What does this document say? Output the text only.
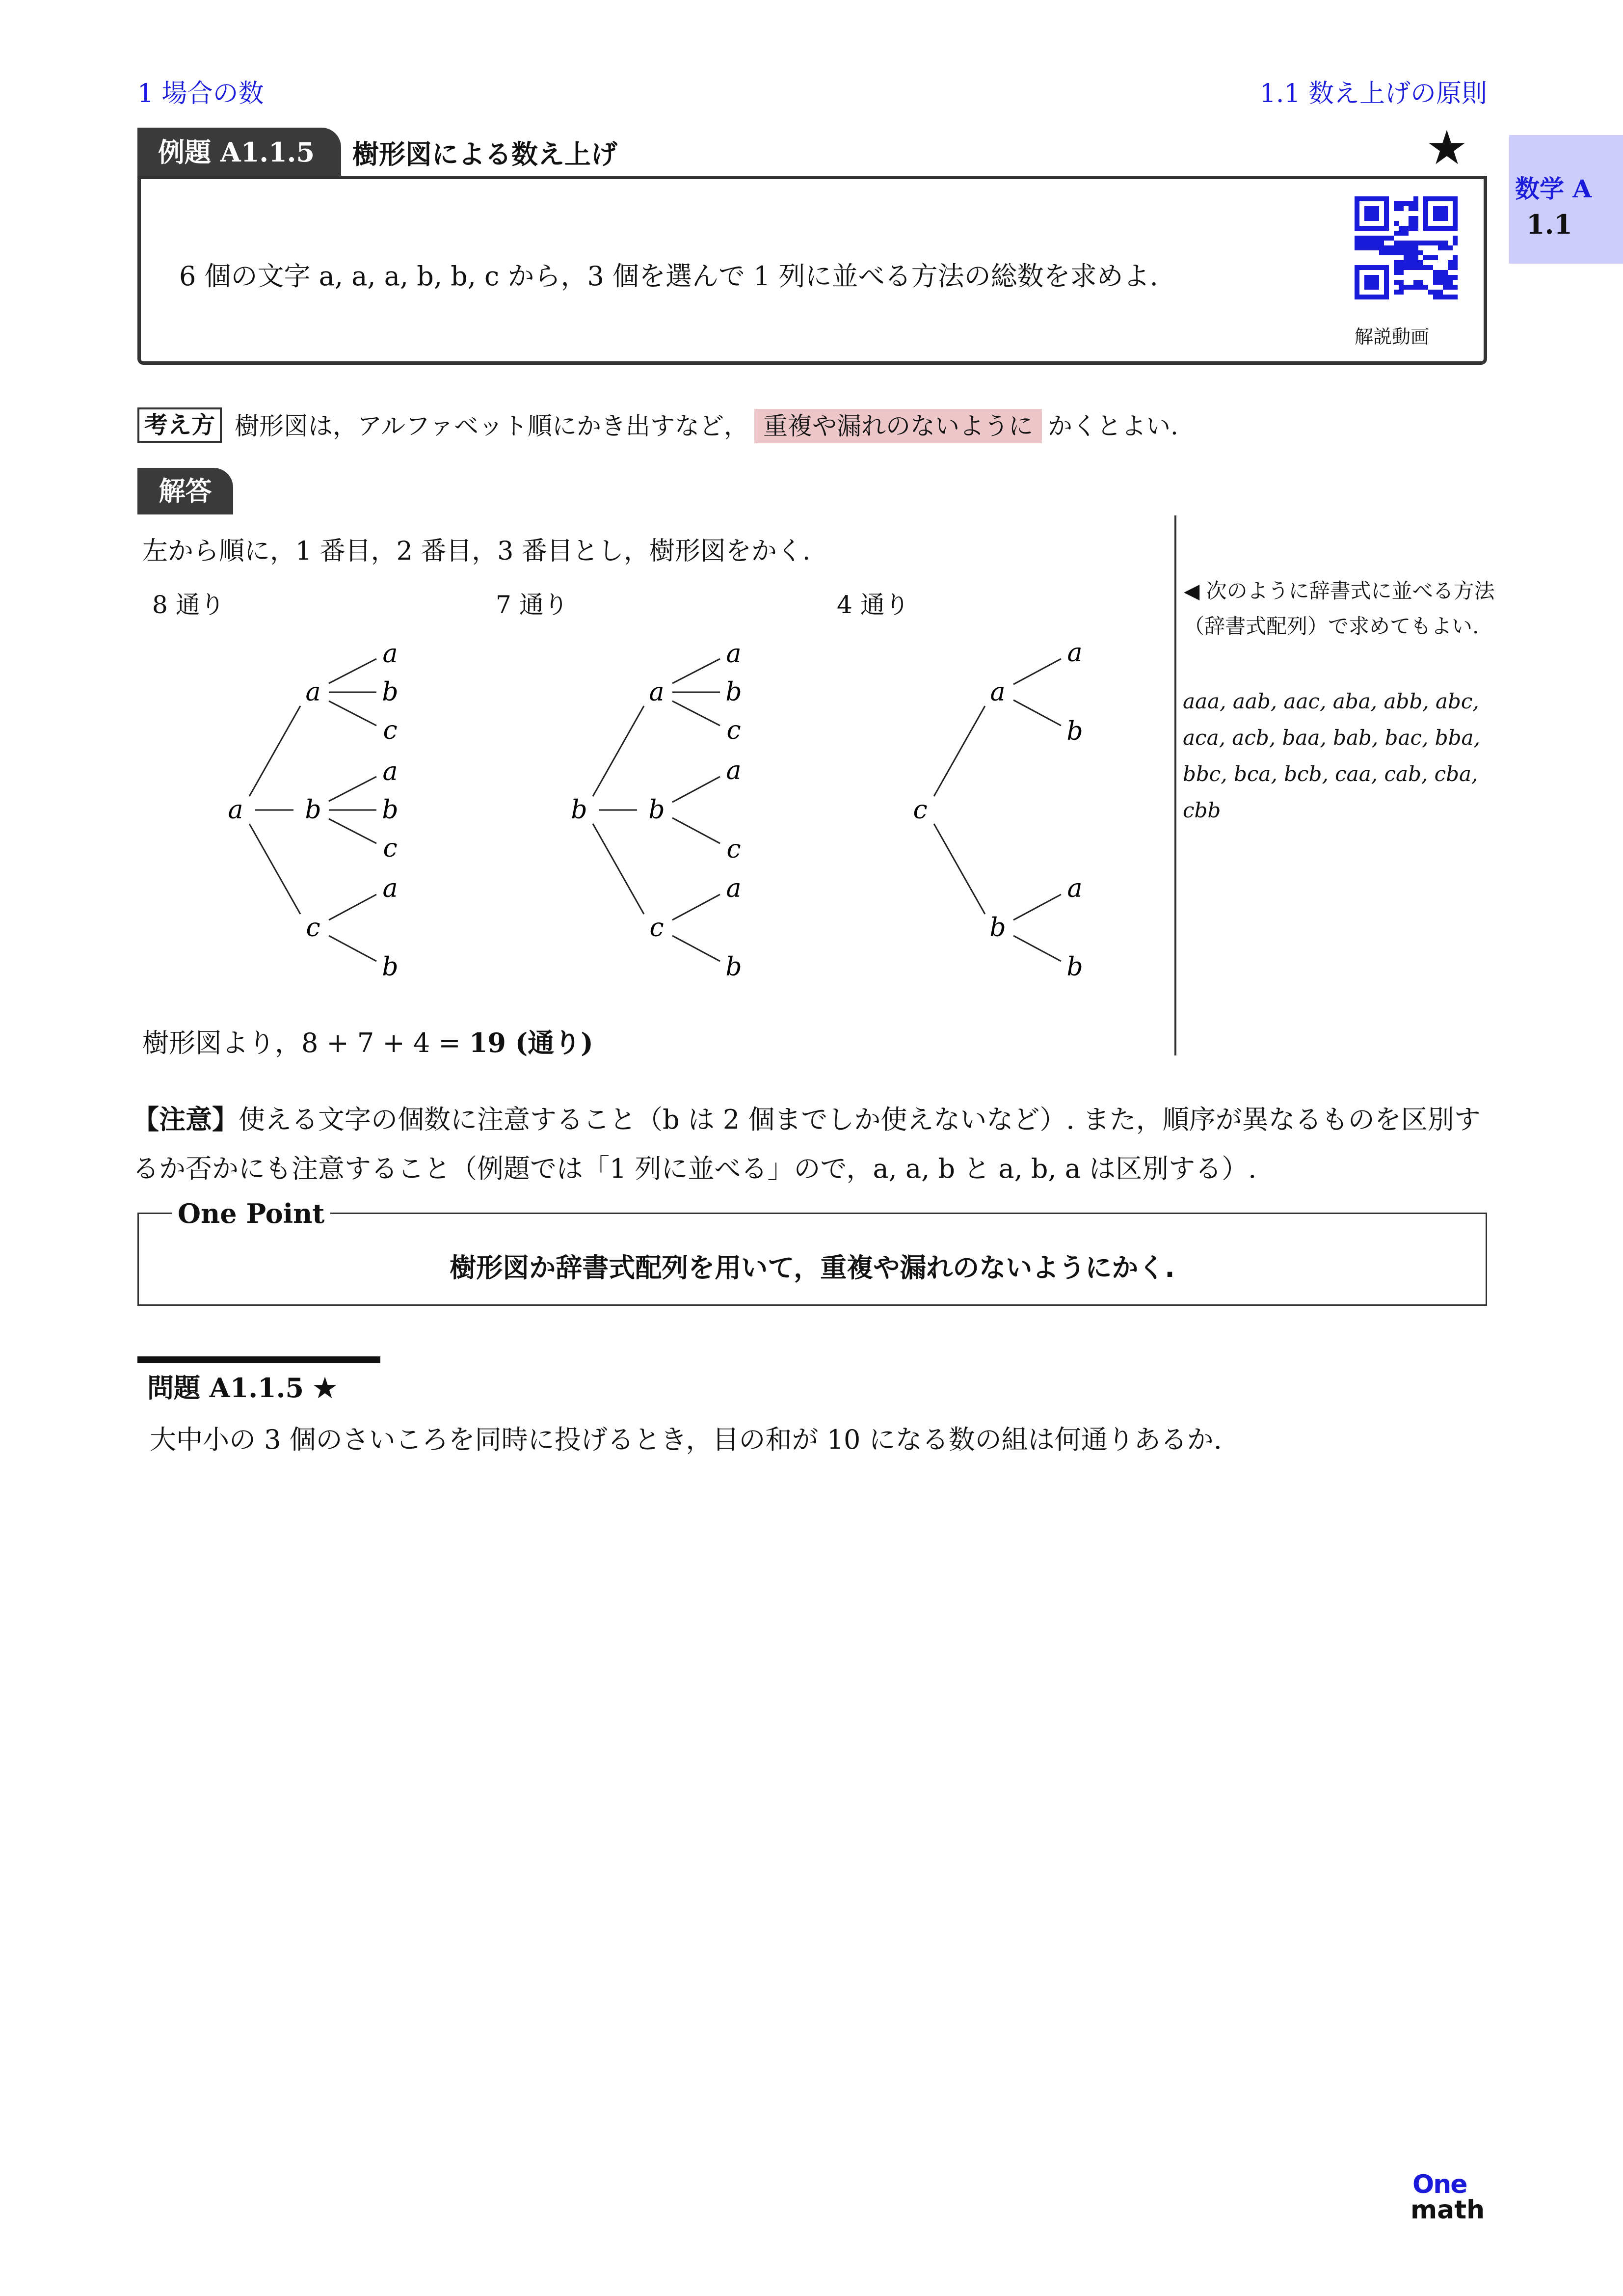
1 場合の数	1.1 数え上げの原則
数学 A
1.1
例題 A1.1.5	樹形図による数え上げ	★
6 個の文字 a, a, a, b, b, c から，3 個を選んで 1 列に並べる方法の総数を求めよ.
解説動画
考え方 樹形図は，アルファベット順にかき出すなど， 重複や漏れのないように かくとよい.
解答
左から順に，1 番目，2 番目，3 番目とし，樹形図をかく.
8 通り	7 通り	4 通り
a
a
a
b
c
b
a
b
c
c
a
b
b
a
a
b
c
b
a
c
c
a
b
c
a
a
b
b
a
b
樹形図より，8 + 7 + 4 = 19 (通り)
◀ 次のように辞書式に並べる方法（辞書式配列）で求めてもよい.
aaa, aab, aac, aba, abb, abc, aca, acb, baa, bab, bac, bba, bbc, bca, bcb, caa, cab, cba, cbb
【注意】使える文字の個数に注意すること（b は 2 個までしか使えないなど）. また，順序が異なるものを区別するか否かにも注意すること（例題では「1 列に並べる」ので，a, a, b と a, b, a は区別する）.
One Point
樹形図か辞書式配列を用いて，重複や漏れのないようにかく.
問題 A1.1.5 ★
大中小の 3 個のさいころを同時に投げるとき，目の和が 10 になる数の組は何通りあるか.
One
math
